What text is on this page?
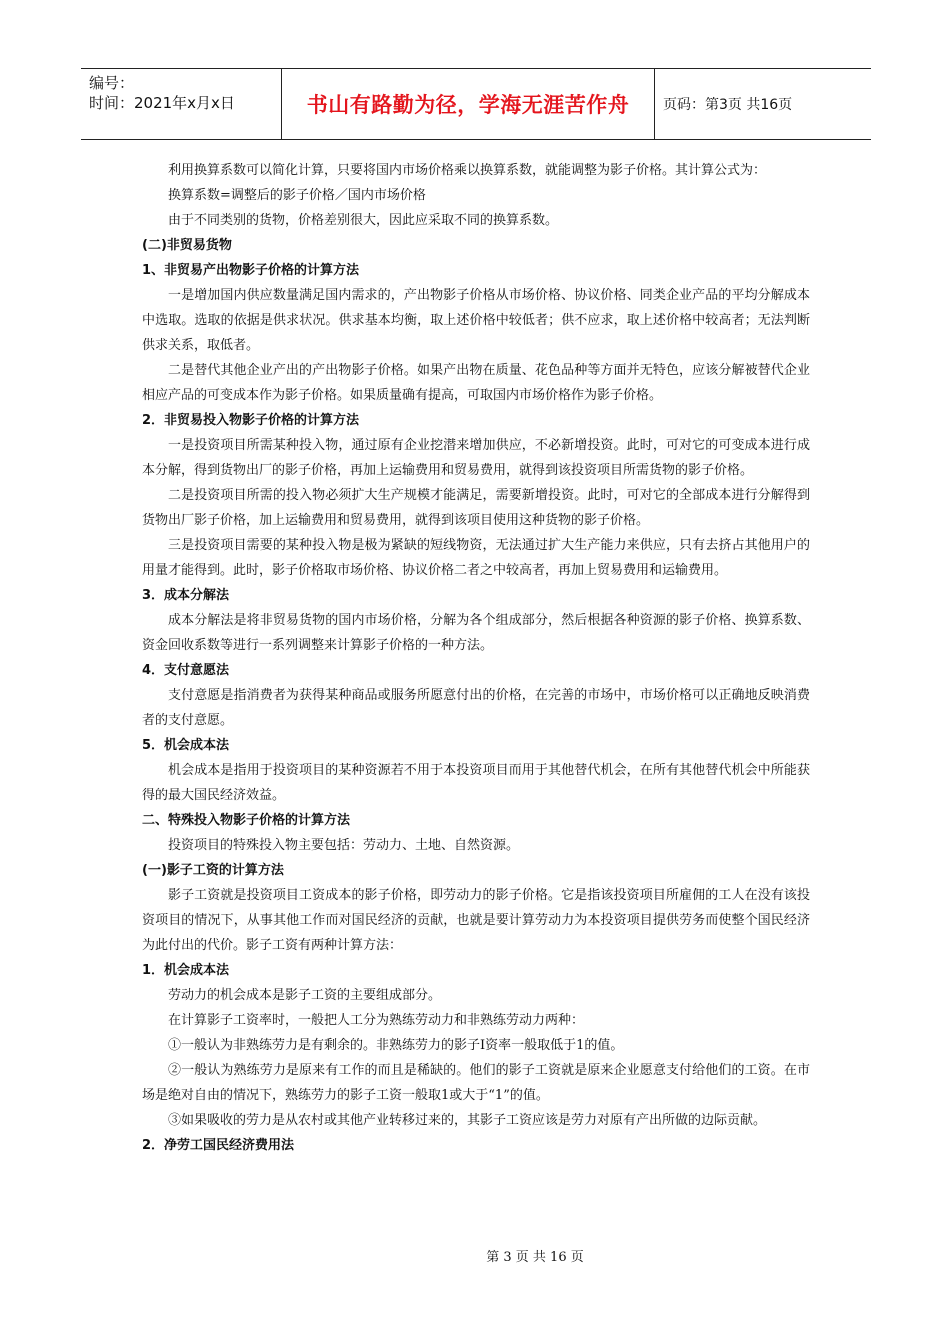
编号：
时间：2021年x月x日	书山有路勤为径，学海无涯苦作舟	页码：第3页 共16页

利用换算系数可以简化计算，只要将国内市场价格乘以换算系数，就能调整为影子价格。其计算公式为：

换算系数=调整后的影子价格／国内市场价格

由于不同类别的货物，价格差别很大，因此应采取不同的换算系数。

(二)非贸易货物
1、非贸易产出物影子价格的计算方法

一是增加国内供应数量满足国内需求的，产出物影子价格从市场价格、协议价格、同类企业产品的平均分解成本中选取。选取的依据是供求状况。供求基本均衡，取上述价格中较低者；供不应求，取上述价格中较高者；无法判断供求关系，取低者。

二是替代其他企业产出的产出物影子价格。如果产出物在质量、花色品种等方面并无特色，应该分解被替代企业相应产品的可变成本作为影子价格。如果质量确有提高，可取国内市场价格作为影子价格。

2．非贸易投入物影子价格的计算方法

一是投资项目所需某种投入物，通过原有企业挖潜来增加供应，不必新增投资。此时，可对它的可变成本进行成本分解，得到货物出厂的影子价格，再加上运输费用和贸易费用，就得到该投资项目所需货物的影子价格。

二是投资项目所需的投入物必须扩大生产规模才能满足，需要新增投资。此时，可对它的全部成本进行分解得到货物出厂影子价格，加上运输费用和贸易费用，就得到该项目使用这种货物的影子价格。

三是投资项目需要的某种投入物是极为紧缺的短线物资，无法通过扩大生产能力来供应，只有去挤占其他用户的用量才能得到。此时，影子价格取市场价格、协议价格二者之中较高者，再加上贸易费用和运输费用。

3．成本分解法

成本分解法是将非贸易货物的国内市场价格，分解为各个组成部分，然后根据各种资源的影子价格、换算系数、资金回收系数等进行一系列调整来计算影子价格的一种方法。

4．支付意愿法

支付意愿是指消费者为获得某种商品或服务所愿意付出的价格，在完善的市场中，市场价格可以正确地反映消费者的支付意愿。

5．机会成本法

机会成本是指用于投资项目的某种资源若不用于本投资项目而用于其他替代机会，在所有其他替代机会中所能获得的最大国民经济效益。

二、特殊投入物影子价格的计算方法

投资项目的特殊投入物主要包括：劳动力、土地、自然资源。

(一)影子工资的计算方法

影子工资就是投资项目工资成本的影子价格，即劳动力的影子价格。它是指该投资项目所雇佣的工人在没有该投资项目的情况下，从事其他工作而对国民经济的贡献，也就是要计算劳动力为本投资项目提供劳务而使整个国民经济为此付出的代价。影子工资有两种计算方法：

1．机会成本法

劳动力的机会成本是影子工资的主要组成部分。

在计算影子工资率时，一般把人工分为熟练劳动力和非熟练劳动力两种：

①一般认为非熟练劳力是有剩余的。非熟练劳力的影子Ⅰ资率一般取低于1的值。

②一般认为熟练劳力是原来有工作的而且是稀缺的。他们的影子工资就是原来企业愿意支付给他们的工资。在市场是绝对自由的情况下，熟练劳力的影子工资一般取1或大于“1”的值。

③如果吸收的劳力是从农村或其他产业转移过来的，其影子工资应该是劳力对原有产出所做的边际贡献。

2．净劳工国民经济费用法
第 3 页 共 16 页
